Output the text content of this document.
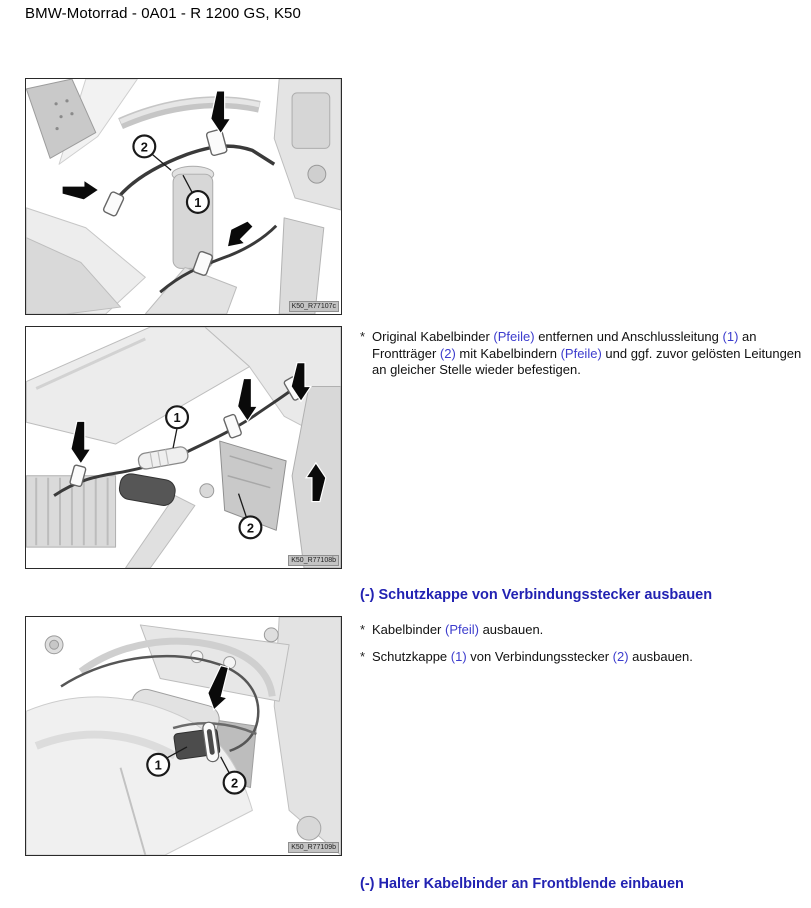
BMW-Motorrad - 0A01 - R 1200 GS, K50
2
1
K50_R77107c
1
2
K50_R77108b
1
2
K50_R77109b
* Original Kabelbinder (Pfeile) entfernen und Anschlussleitung (1) an Frontträger (2) mit Kabelbindern (Pfeile) und ggf. zuvor gelösten Leitungen an gleicher Stelle wieder befestigen.
(-) Schutzkappe von Verbindungsstecker ausbauen
* Kabelbinder (Pfeil) ausbauen.
* Schutzkappe (1) von Verbindungsstecker (2) ausbauen.
(-) Halter Kabelbinder an Frontblende einbauen
